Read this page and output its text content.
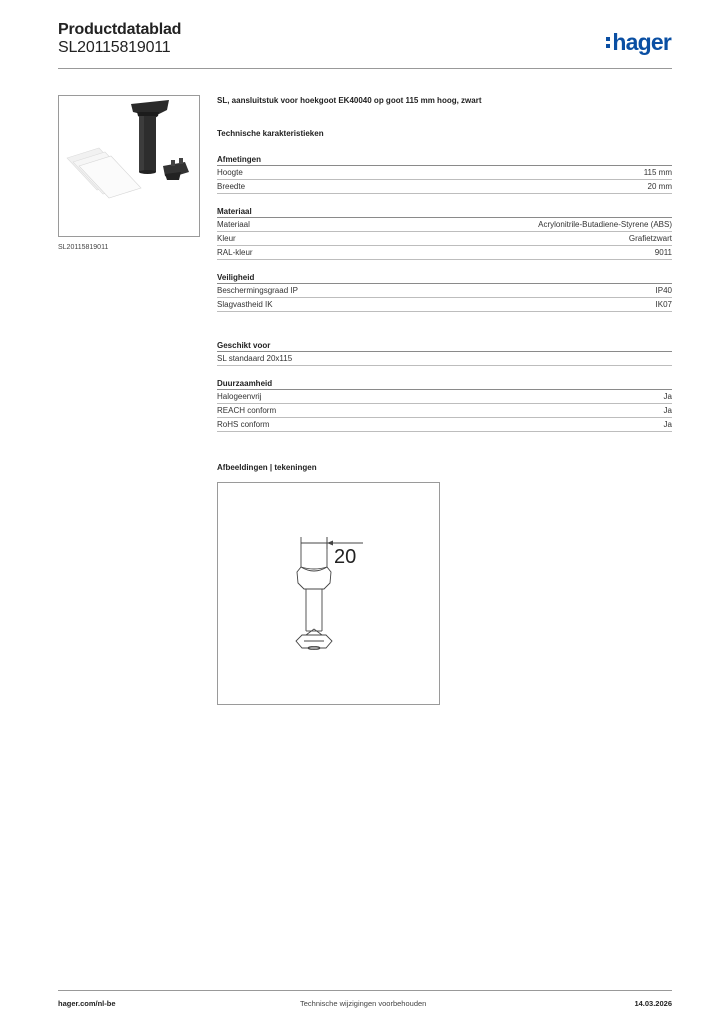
Productdatablad
SL20115819011	hager
SL20115819011
SL, aansluitstuk voor hoekgoot EK40040 op goot 115 mm hoog, zwart
Technische karakteristieken
Afmetingen
Hoogte	115 mm
Breedte	20 mm
Materiaal
Materiaal	Acrylonitrile-Butadiene-Styrene (ABS)
Kleur	Grafietzwart
RAL-kleur	9011
Veiligheid
Beschermingsgraad IP	IP40
Slagvastheid IK	IK07
Geschikt voor
SL standaard 20x115
Duurzaamheid
Halogeenvrij	Ja
REACH conform	Ja
RoHS conform	Ja
Afbeeldingen | tekeningen
20
hager.com/nl-be	Technische wijzigingen voorbehouden	14.03.2026
